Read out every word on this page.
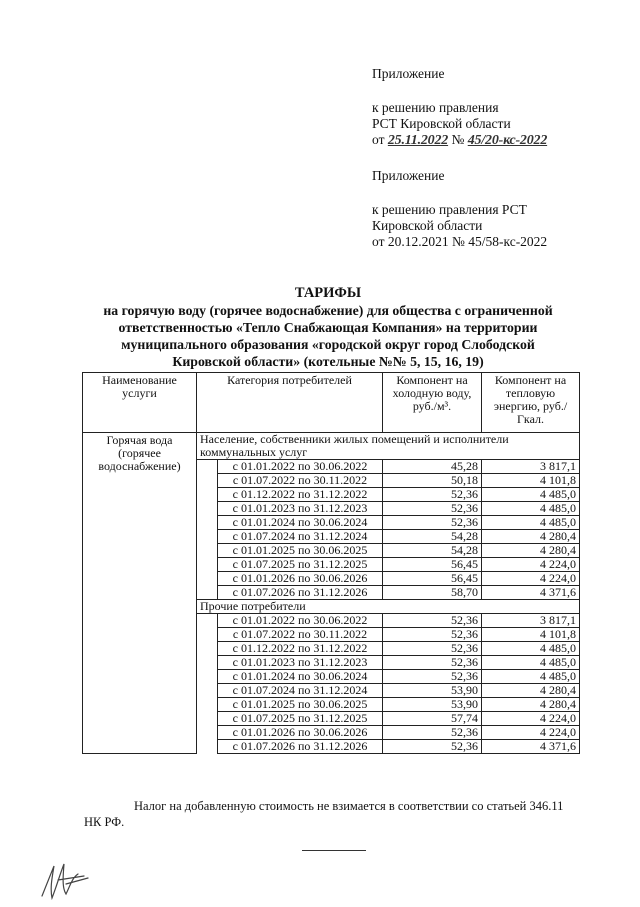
Приложение
к решению правления
РСТ Кировской области
от 25.11.2022 № 45/20-кс-2022
Приложение
к решению правления РСТ
Кировской области
от 20.12.2021 № 45/58-кс-2022
ТАРИФЫ
на горячую воду (горячее водоснабжение) для общества с ограниченной
ответственностью «Тепло Снабжающая Компания» на территории
муниципального образования «городской округ город Слободской
Кировской области» (котельные №№ 5, 15, 16, 19)
Наименование услуги	Категория потребителей		Компонент на холодную воду, руб./м³.	Компонент на тепловую энергию, руб./Гкал.
Горячая вода (горячее водоснабжение)	Население, собственники жилых помещений и исполнители коммунальных услуг			
		с 01.01.2022 по 30.06.2022	45,28	3 817,1
		с 01.07.2022 по 30.11.2022	50,18	4 101,8
		с 01.12.2022 по 31.12.2022	52,36	4 485,0
		с 01.01.2023 по 31.12.2023	52,36	4 485,0
		с 01.01.2024 по 30.06.2024	52,36	4 485,0
		с 01.07.2024 по 31.12.2024	54,28	4 280,4
		с 01.01.2025 по 30.06.2025	54,28	4 280,4
		с 01.07.2025 по 31.12.2025	56,45	4 224,0
		с 01.01.2026 по 30.06.2026	56,45	4 224,0
		с 01.07.2026 по 31.12.2026	58,70	4 371,6
	Прочие потребители			
		с 01.01.2022 по 30.06.2022	52,36	3 817,1
		с 01.07.2022 по 30.11.2022	52,36	4 101,8
		с 01.12.2022 по 31.12.2022	52,36	4 485,0
		с 01.01.2023 по 31.12.2023	52,36	4 485,0
		с 01.01.2024 по 30.06.2024	52,36	4 485,0
		с 01.07.2024 по 31.12.2024	53,90	4 280,4
		с 01.01.2025 по 30.06.2025	53,90	4 280,4
		с 01.07.2025 по 31.12.2025	57,74	4 224,0
		с 01.01.2026 по 30.06.2026	52,36	4 224,0
		с 01.07.2026 по 31.12.2026	52,36	4 371,6
Налог на добавленную стоимость не взимается в соответствии со статьей 346.11
НК РФ.
